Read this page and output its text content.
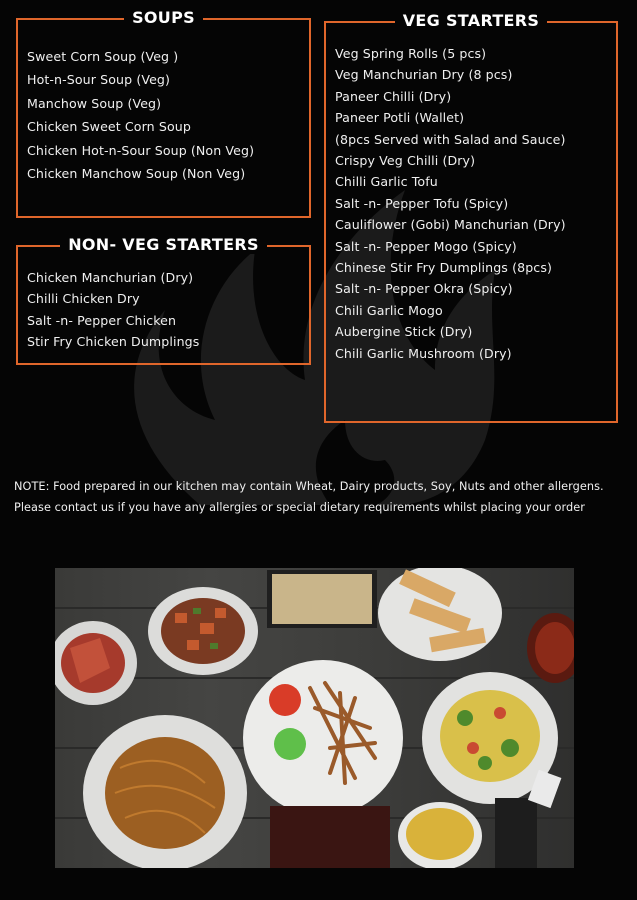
SOUPS
Sweet Corn Soup (Veg )
Hot-n-Sour Soup (Veg)
Manchow Soup (Veg)
Chicken Sweet Corn Soup
Chicken Hot-n-Sour Soup (Non Veg)
Chicken Manchow Soup (Non Veg)
NON- VEG STARTERS
Chicken Manchurian (Dry)
Chilli Chicken Dry
Salt -n- Pepper Chicken
Stir Fry Chicken Dumplings
VEG STARTERS
Veg Spring Rolls (5 pcs)
Veg Manchurian Dry (8 pcs)
Paneer Chilli (Dry)
Paneer Potli (Wallet)
(8pcs Served with Salad and Sauce)
Crispy Veg Chilli (Dry)
Chilli Garlic Tofu
Salt -n- Pepper Tofu (Spicy)
Cauliflower (Gobi) Manchurian (Dry)
Salt -n- Pepper Mogo (Spicy)
Chinese Stir Fry Dumplings (8pcs)
Salt -n- Pepper Okra (Spicy)
Chili Garlic Mogo
Aubergine Stick (Dry)
Chili Garlic Mushroom (Dry)

NOTE: Food prepared in our kitchen may contain Wheat, Dairy products, Soy, Nuts and other allergens.
Please contact us if you have any allergies or special dietary requirements whilst placing your order
